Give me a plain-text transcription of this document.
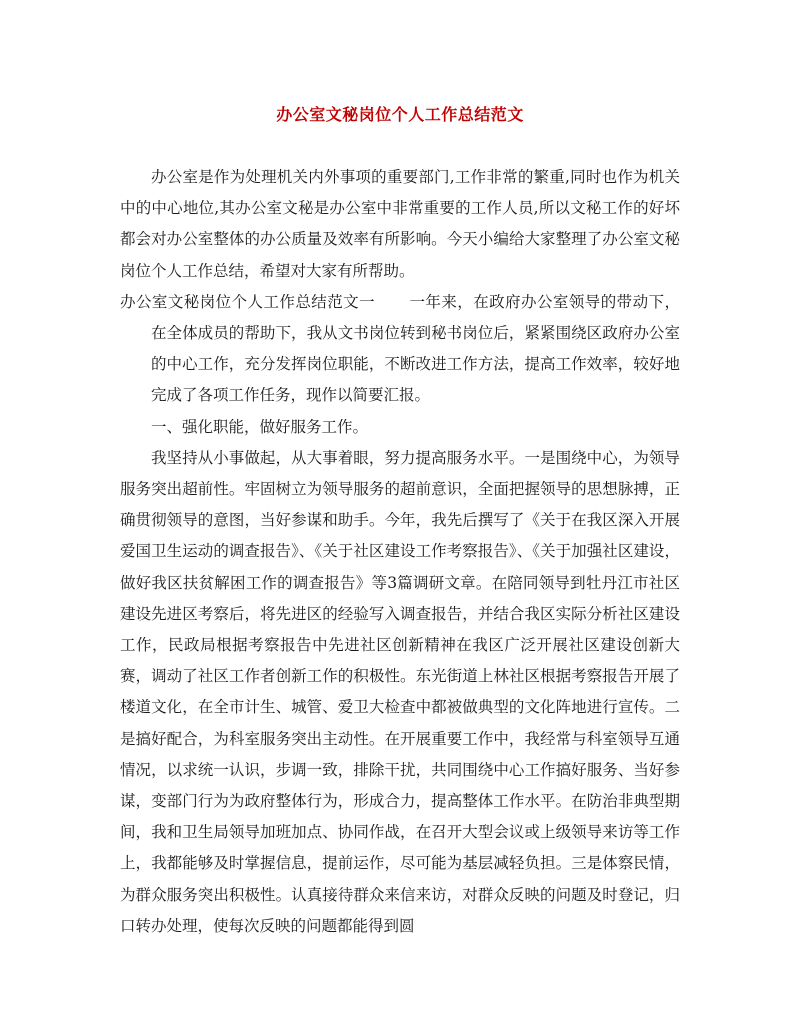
办公室文秘岗位个人工作总结范文

办公室是作为处理机关内外事项的重要部门,工作非常的繁重,同时也作为机关中的中心地位,其办公室文秘是办公室中非常重要的工作人员,所以文秘工作的好坏都会对办公室整体的办公质量及效率有所影响。今天小编给大家整理了办公室文秘岗位个人工作总结，希望对大家有所帮助。

办公室文秘岗位个人工作总结范文一 一年来，在政府办公室领导的带动下，在全体成员的帮助下，我从文书岗位转到秘书岗位后，紧紧围绕区政府办公室的中心工作，充分发挥岗位职能，不断改进工作方法，提高工作效率，较好地完成了各项工作任务，现作以简要汇报。

一、强化职能，做好服务工作。

我坚持从小事做起，从大事着眼，努力提高服务水平。一是围绕中心，为领导服务突出超前性。牢固树立为领导服务的超前意识，全面把握领导的思想脉搏，正确贯彻领导的意图，当好参谋和助手。今年，我先后撰写了《关于在我区深入开展爱国卫生运动的调查报告》、《关于社区建设工作考察报告》、《关于加强社区建设，做好我区扶贫解困工作的调查报告》等3篇调研文章。在陪同领导到牡丹江市社区建设先进区考察后，将先进区的经验写入调查报告，并结合我区实际分析社区建设工作，民政局根据考察报告中先进社区创新精神在我区广泛开展社区建设创新大赛，调动了社区工作者创新工作的积极性。东光街道上林社区根据考察报告开展了楼道文化，在全市计生、城管、爱卫大检查中都被做典型的文化阵地进行宣传。二是搞好配合，为科室服务突出主动性。在开展重要工作中，我经常与科室领导互通情况，以求统一认识，步调一致，排除干扰，共同围绕中心工作搞好服务、当好参谋，变部门行为为政府整体行为，形成合力，提高整体工作水平。在防治非典型期间，我和卫生局领导加班加点、协同作战，在召开大型会议或上级领导来访等工作上，我都能够及时掌握信息，提前运作，尽可能为基层减轻负担。三是体察民情，为群众服务突出积极性。认真接待群众来信来访，对群众反映的问题及时登记，归口转办处理，使每次反映的问题都能得到圆
